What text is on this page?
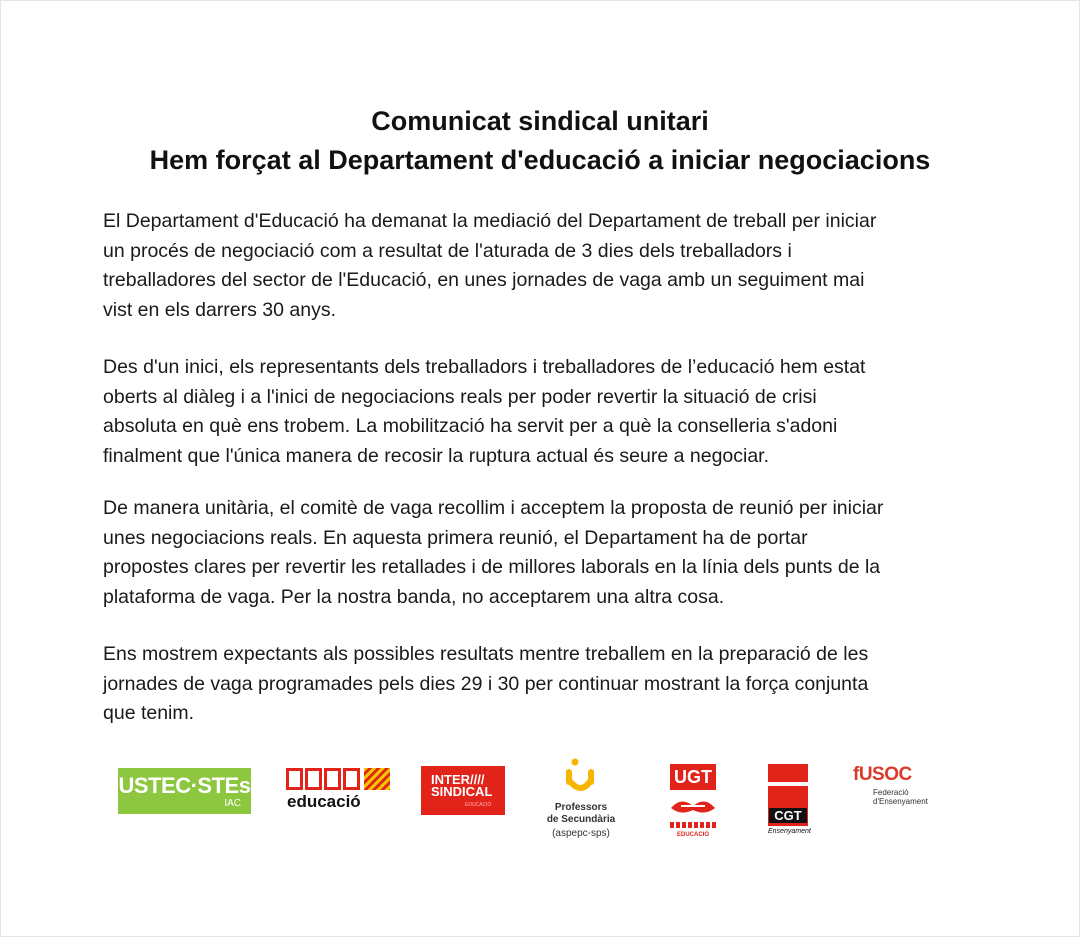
Comunicat sindical unitari
Hem forçat al Departament d'educació a iniciar negociacions
El Departament d'Educació ha demanat la mediació del Departament de treball per iniciar
un procés de negociació com a resultat de l'aturada de 3 dies dels treballadors i
treballadores del sector de l'Educació, en unes jornades de vaga amb un seguiment mai
vist en els darrers 30 anys.
Des d'un inici, els representants dels treballadors i treballadores de l’educació hem estat
oberts al diàleg i a l'inici de negociacions reals per poder revertir la situació de crisi
absoluta en què ens trobem. La mobilització ha servit per a què la conselleria s'adoni
finalment que l'única manera de recosir la ruptura actual és seure a negociar.
De manera unitària, el comitè de vaga recollim i acceptem la proposta de reunió per iniciar
unes negociacions reals. En aquesta primera reunió, el Departament ha de portar
propostes clares per revertir les retallades i de millores laborals en la línia dels punts de la
plataforma de vaga. Per la nostra banda, no acceptarem una altra cosa.
Ens mostrem expectants als possibles resultats mentre treballem en la preparació de les
jornades de vaga programades pels dies 29 i 30 per continuar mostrant la força conjunta
que tenim.
USTEC·STEs
IAC	educació
INTER////
SINDICAL
EDUCACIÓ	Professors
de Secundària
(aspepc-sps)
UGT
EDUCACIÓ
CGT
Ensenyament
fUSOC
Federació
d'Ensenyament
